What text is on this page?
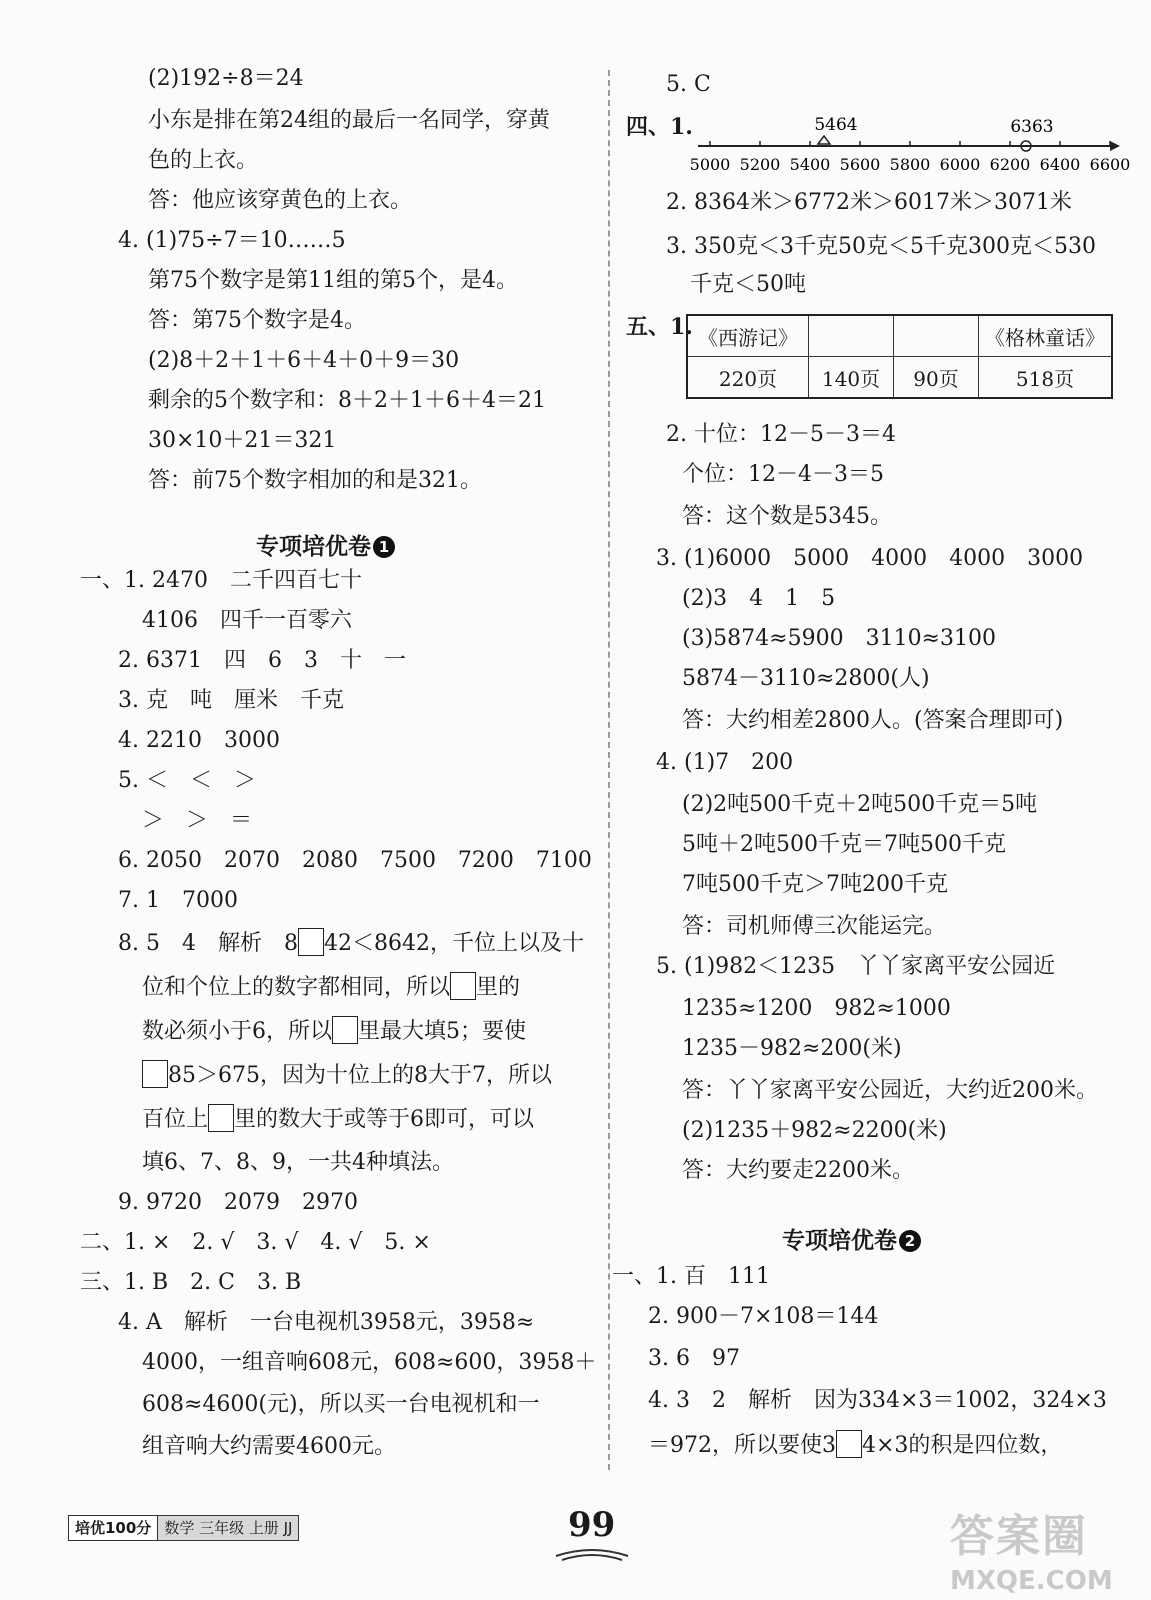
(2)192÷8＝24
小东是排在第24组的最后一名同学，穿黄
色的上衣。
答：他应该穿黄色的上衣。
4. (1)75÷7＝10……5
第75个数字是第11组的第5个，是4。
答：第75个数字是4。
(2)8＋2＋1＋6＋4＋0＋9＝30
剩余的5个数字和：8＋2＋1＋6＋4＝21
30×10＋21＝321
答：前75个数字相加的和是321。
专项培优卷 1
一、1. 2470　二千四百七十
4106　四千一百零六
2. 6371　四　6　3　十　一
3. 克　吨　厘米　千克
4. 2210　3000
5. ＜　＜　＞
＞　＞　＝
6. 2050　2070　2080　7500　7200　7100
7. 1　7000
8. 5　4　解析　8 42＜8642，千位上以及十
位和个位上的数字都相同，所以 里的
数必须小于6，所以 里最大填5；要使
85＞675，因为十位上的8大于7，所以
百位上 里的数大于或等于6即可，可以
填6、7、8、9，一共4种填法。
9. 9720　2079　2970
二、1. ×　2. √　3. √　4. √　5. ×
三、1. B　2. C　3. B
4. A　解析　一台电视机3958元，3958≈
4000，一组音响608元，608≈600，3958＋
608≈4600(元)，所以买一台电视机和一
组音响大约需要4600元。
5. C
四、1.
5000 5200 5400 5600 5800 6000 6200 6400 6600
5464	6363
2. 8364米＞6772米＞6017米＞3071米
3. 350克＜3千克50克＜5千克300克＜530
千克＜50吨
五、1. 《西游记》			《格林童话》
220页	140页	90页	518页
2. 十位：12－5－3＝4
个位：12－4－3＝5
答：这个数是5345。
3. (1)6000　5000　4000　4000　3000
(2)3　4　1　5
(3)5874≈5900　3110≈3100
5874－3110≈2800(人)
答：大约相差2800人。(答案合理即可)
4. (1)7　200
(2)2吨500千克＋2吨500千克＝5吨
5吨＋2吨500千克＝7吨500千克
7吨500千克＞7吨200千克
答：司机师傅三次能运完。
5. (1)982＜1235　丫丫家离平安公园近
1235≈1200　982≈1000
1235－982≈200(米)
答：丫丫家离平安公园近，大约近200米。
(2)1235＋982≈2200(米)
答：大约要走2200米。
专项培优卷 2
一、1. 百　111
2. 900－7×108＝144
3. 6　97
4. 3　2　解析　因为334×3＝1002，324×3
＝972，所以要使3 4×3的积是四位数，
培优100分 数学 三年级 上册 JJ	99	答案圈
MXQE.COM
